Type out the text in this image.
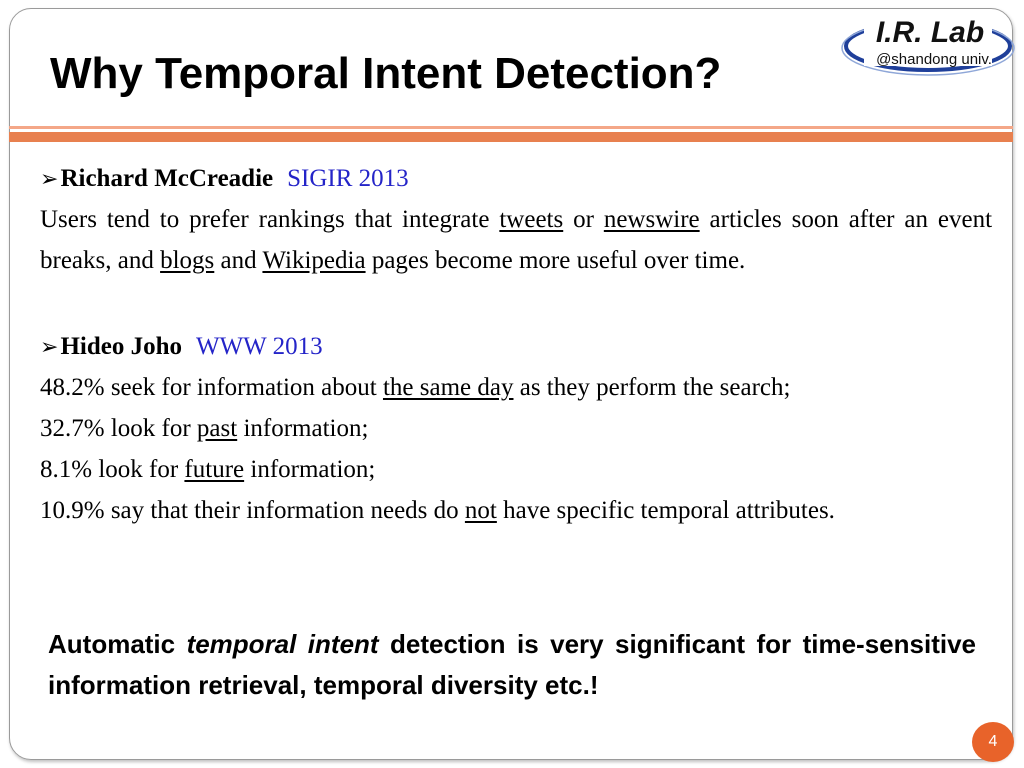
Why Temporal Intent Detection?
I.R. Lab
@shandong univ.
➢Richard McCreadie SIGIR 2013
Users tend to prefer rankings that integrate tweets or newswire articles soon after an event breaks, and blogs and Wikipedia pages become more useful over time.
➢Hideo Joho WWW 2013
48.2% seek for information about the same day as they perform the search;
32.7% look for past information;
8.1% look for future information;
10.9% say that their information needs do not have specific temporal attributes.
Automatic temporal intent detection is very significant for time-sensitive information retrieval, temporal diversity etc.!
4
